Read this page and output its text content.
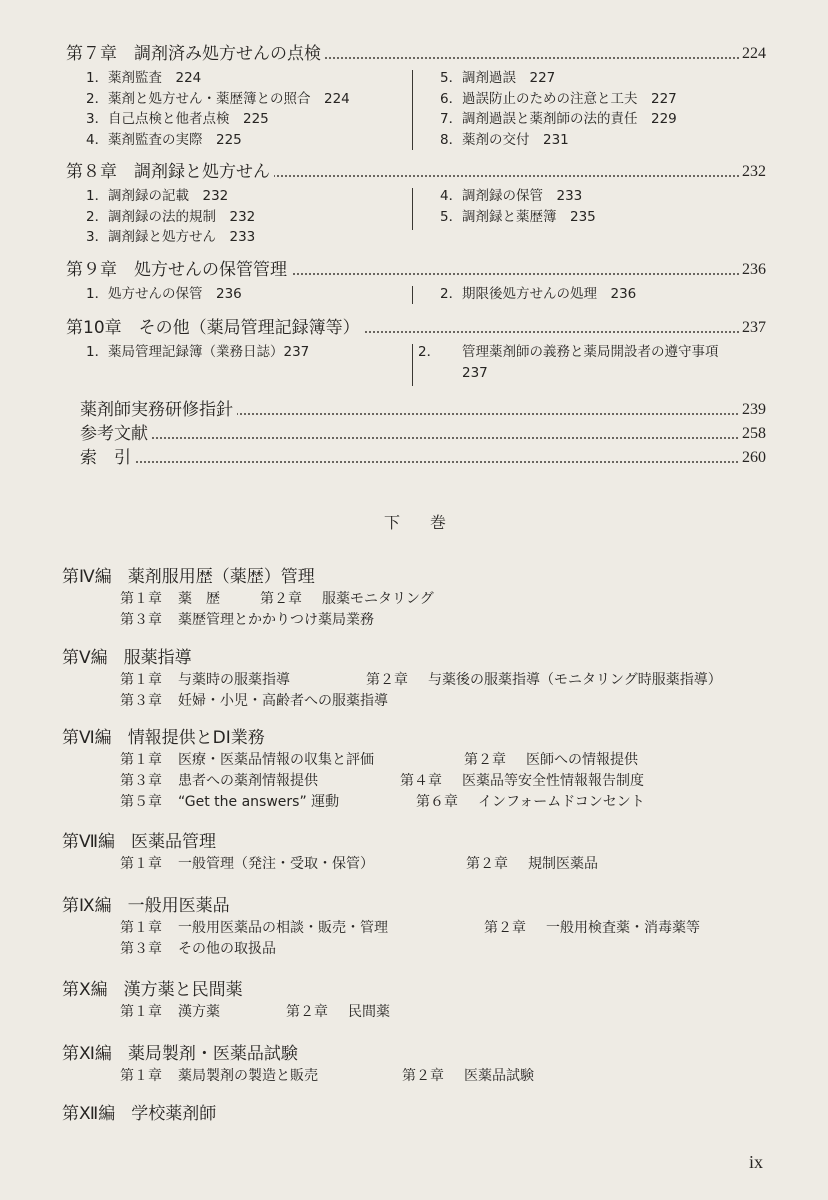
第７章　調剤済み処方せんの点検	224
1．薬剤監査　224
2．薬剤と処方せん・薬歴簿との照合　224
3．自己点検と他者点検　225
4．薬剤監査の実際　225
5．調剤過誤　227
6．過誤防止のための注意と工夫　227
7．調剤過誤と薬剤師の法的責任　229
8．薬剤の交付　231
第８章　調剤録と処方せん	232
1．調剤録の記載　232
2．調剤録の法的規制　232
3．調剤録と処方せん　233
4．調剤録の保管　233
5．調剤録と薬歴簿　235
第９章　処方せんの保管管理	236
1．処方せんの保管　236	2．期限後処方せんの処理　236
第10章　その他（薬局管理記録簿等）	237
1．薬局管理記録簿（業務日誌）237	2． 管理薬剤師の義務と薬局開設者の遵守事項　237
薬剤師実務研修指針	239
参考文献	258
索　引	260
下巻
第Ⅳ編 薬剤服用歴（薬歴）管理
第１章 薬　歴	第２章 服薬モニタリング
第３章 薬歴管理とかかりつけ薬局業務
第Ⅴ編 服薬指導
第１章 与薬時の服薬指導	第２章 与薬後の服薬指導（モニタリング時服薬指導）
第３章 妊婦・小児・高齢者への服薬指導
第Ⅵ編 情報提供とDI業務
第１章 医療・医薬品情報の収集と評価	第２章 医師への情報提供
第３章 患者への薬剤情報提供	第４章 医薬品等安全性情報報告制度
第５章 “Get the answers” 運動	第６章 インフォームドコンセント
第Ⅶ編 医薬品管理
第１章 一般管理（発注・受取・保管）	第２章 規制医薬品
第Ⅸ編 一般用医薬品
第１章 一般用医薬品の相談・販売・管理	第２章 一般用検査薬・消毒薬等
第３章 その他の取扱品
第Ⅹ編 漢方薬と民間薬
第１章 漢方薬	第２章 民間薬
第Ⅺ編 薬局製剤・医薬品試験
第１章 薬局製剤の製造と販売	第２章 医薬品試験
第Ⅻ編 学校薬剤師
ix
